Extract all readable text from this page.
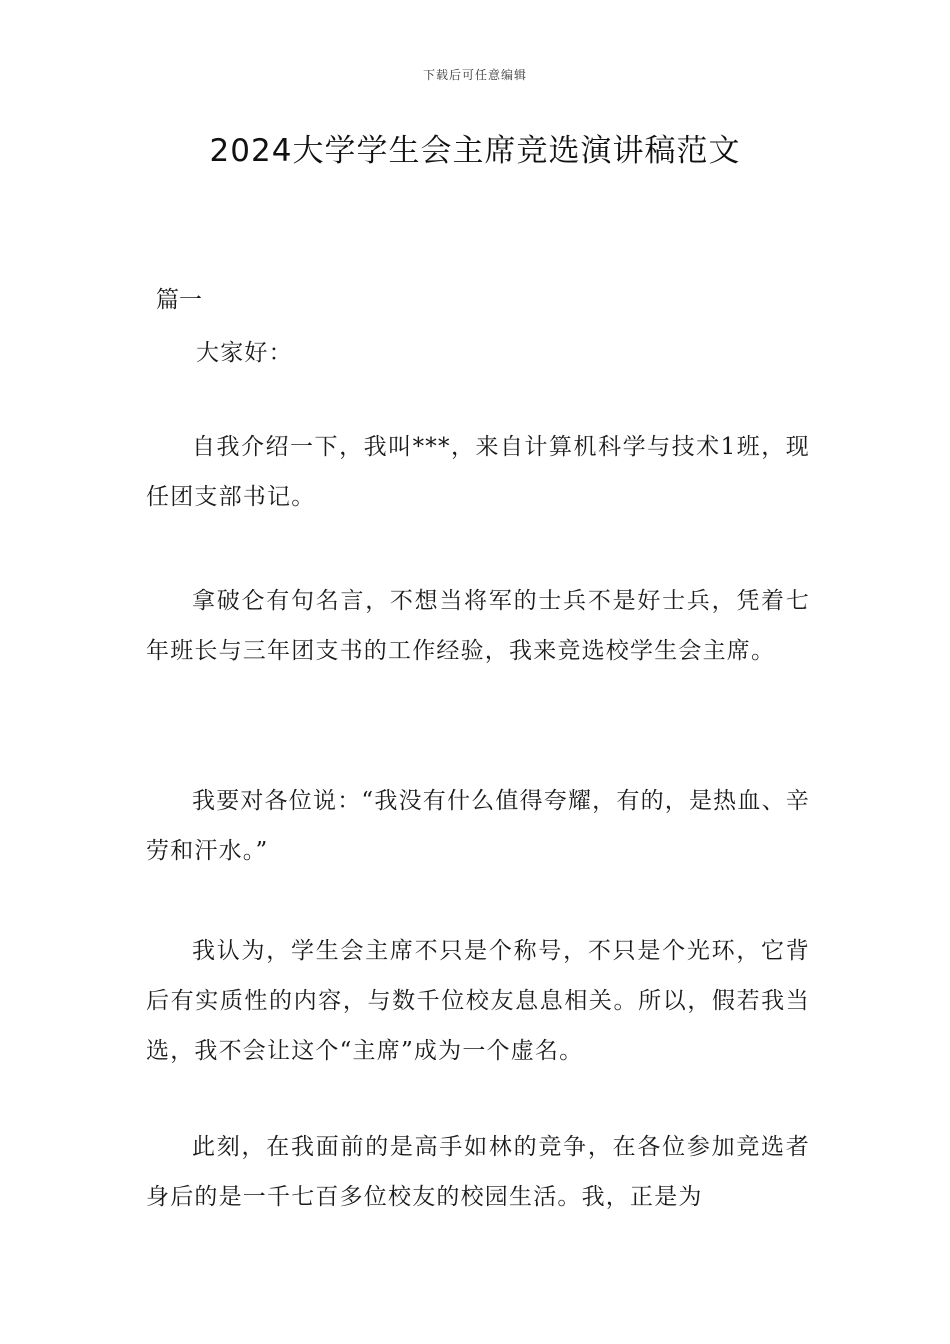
下载后可任意编辑
2024大学学生会主席竞选演讲稿范文
篇一

大家好：

自我介绍一下，我叫***，来自计算机科学与技术1班，现任团支部书记。

拿破仑有句名言，不想当将军的士兵不是好士兵，凭着七年班长与三年团支书的工作经验，我来竞选校学生会主席。

我要对各位说：“我没有什么值得夸耀，有的，是热血、辛劳和汗水。”

我认为，学生会主席不只是个称号，不只是个光环，它背后有实质性的内容，与数千位校友息息相关。所以，假若我当选，我不会让这个“主席”成为一个虚名。

此刻，在我面前的是高手如林的竞争，在各位参加竞选者身后的是一千七百多位校友的校园生活。我，正是为
